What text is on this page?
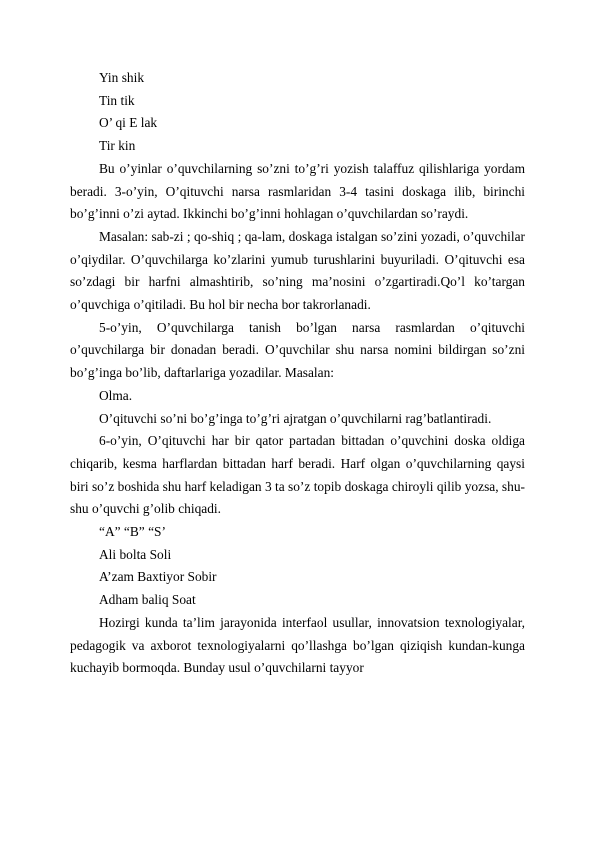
Yin shik

Tin tik

O’ qi E lak

Tir kin

Bu o’yinlar o’quvchilarning so’zni to’g’ri yozish talaffuz qilishlariga yordam beradi. 3-o’yin, O’qituvchi narsa rasmlaridan 3-4 tasini doskaga ilib, birinchi bo’g’inni o’zi aytad. Ikkinchi bo’g’inni hohlagan o’quvchilardan so’raydi.

Masalan: sab-zi ; qo-shiq ; qa-lam, doskaga istalgan so’zini yozadi, o’quvchilar o’qiydilar. O’quvchilarga ko’zlarini yumub turushlarini buyuriladi. O’qituvchi esa so’zdagi bir harfni almashtirib, so’ning ma’nosini o’zgartiradi.Qo’l ko’targan o’quvchiga o’qitiladi. Bu hol bir necha bor takrorlanadi.

5-o’yin, O’quvchilarga tanish bo’lgan narsa rasmlardan o’qituvchi o’quvchilarga bir donadan beradi. O’quvchilar shu narsa nomini bildirgan so’zni bo’g’inga bo’lib, daftarlariga yozadilar. Masalan:

Olma.

O’qituvchi so’ni bo’g’inga to’g’ri ajratgan o’quvchilarni rag’batlantiradi.

6-o’yin, O’qituvchi har bir qator partadan bittadan o’quvchini doska oldiga chiqarib, kesma harflardan bittadan harf beradi. Harf olgan o’quvchilarning qaysi biri so’z boshida shu harf keladigan 3 ta so’z topib doskaga chiroyli qilib yozsa, shu-shu o’quvchi g’olib chiqadi.

“A” “B” “S’

Ali bolta Soli

A’zam Baxtiyor Sobir

Adham baliq Soat

Hozirgi kunda ta’lim jarayonida interfaol usullar, innovatsion texnologiyalar, pedagogik va axborot texnologiyalarni qo’llashga bo’lgan qiziqish kundan-kunga kuchayib bormoqda. Bunday usul o’quvchilarni tayyor
